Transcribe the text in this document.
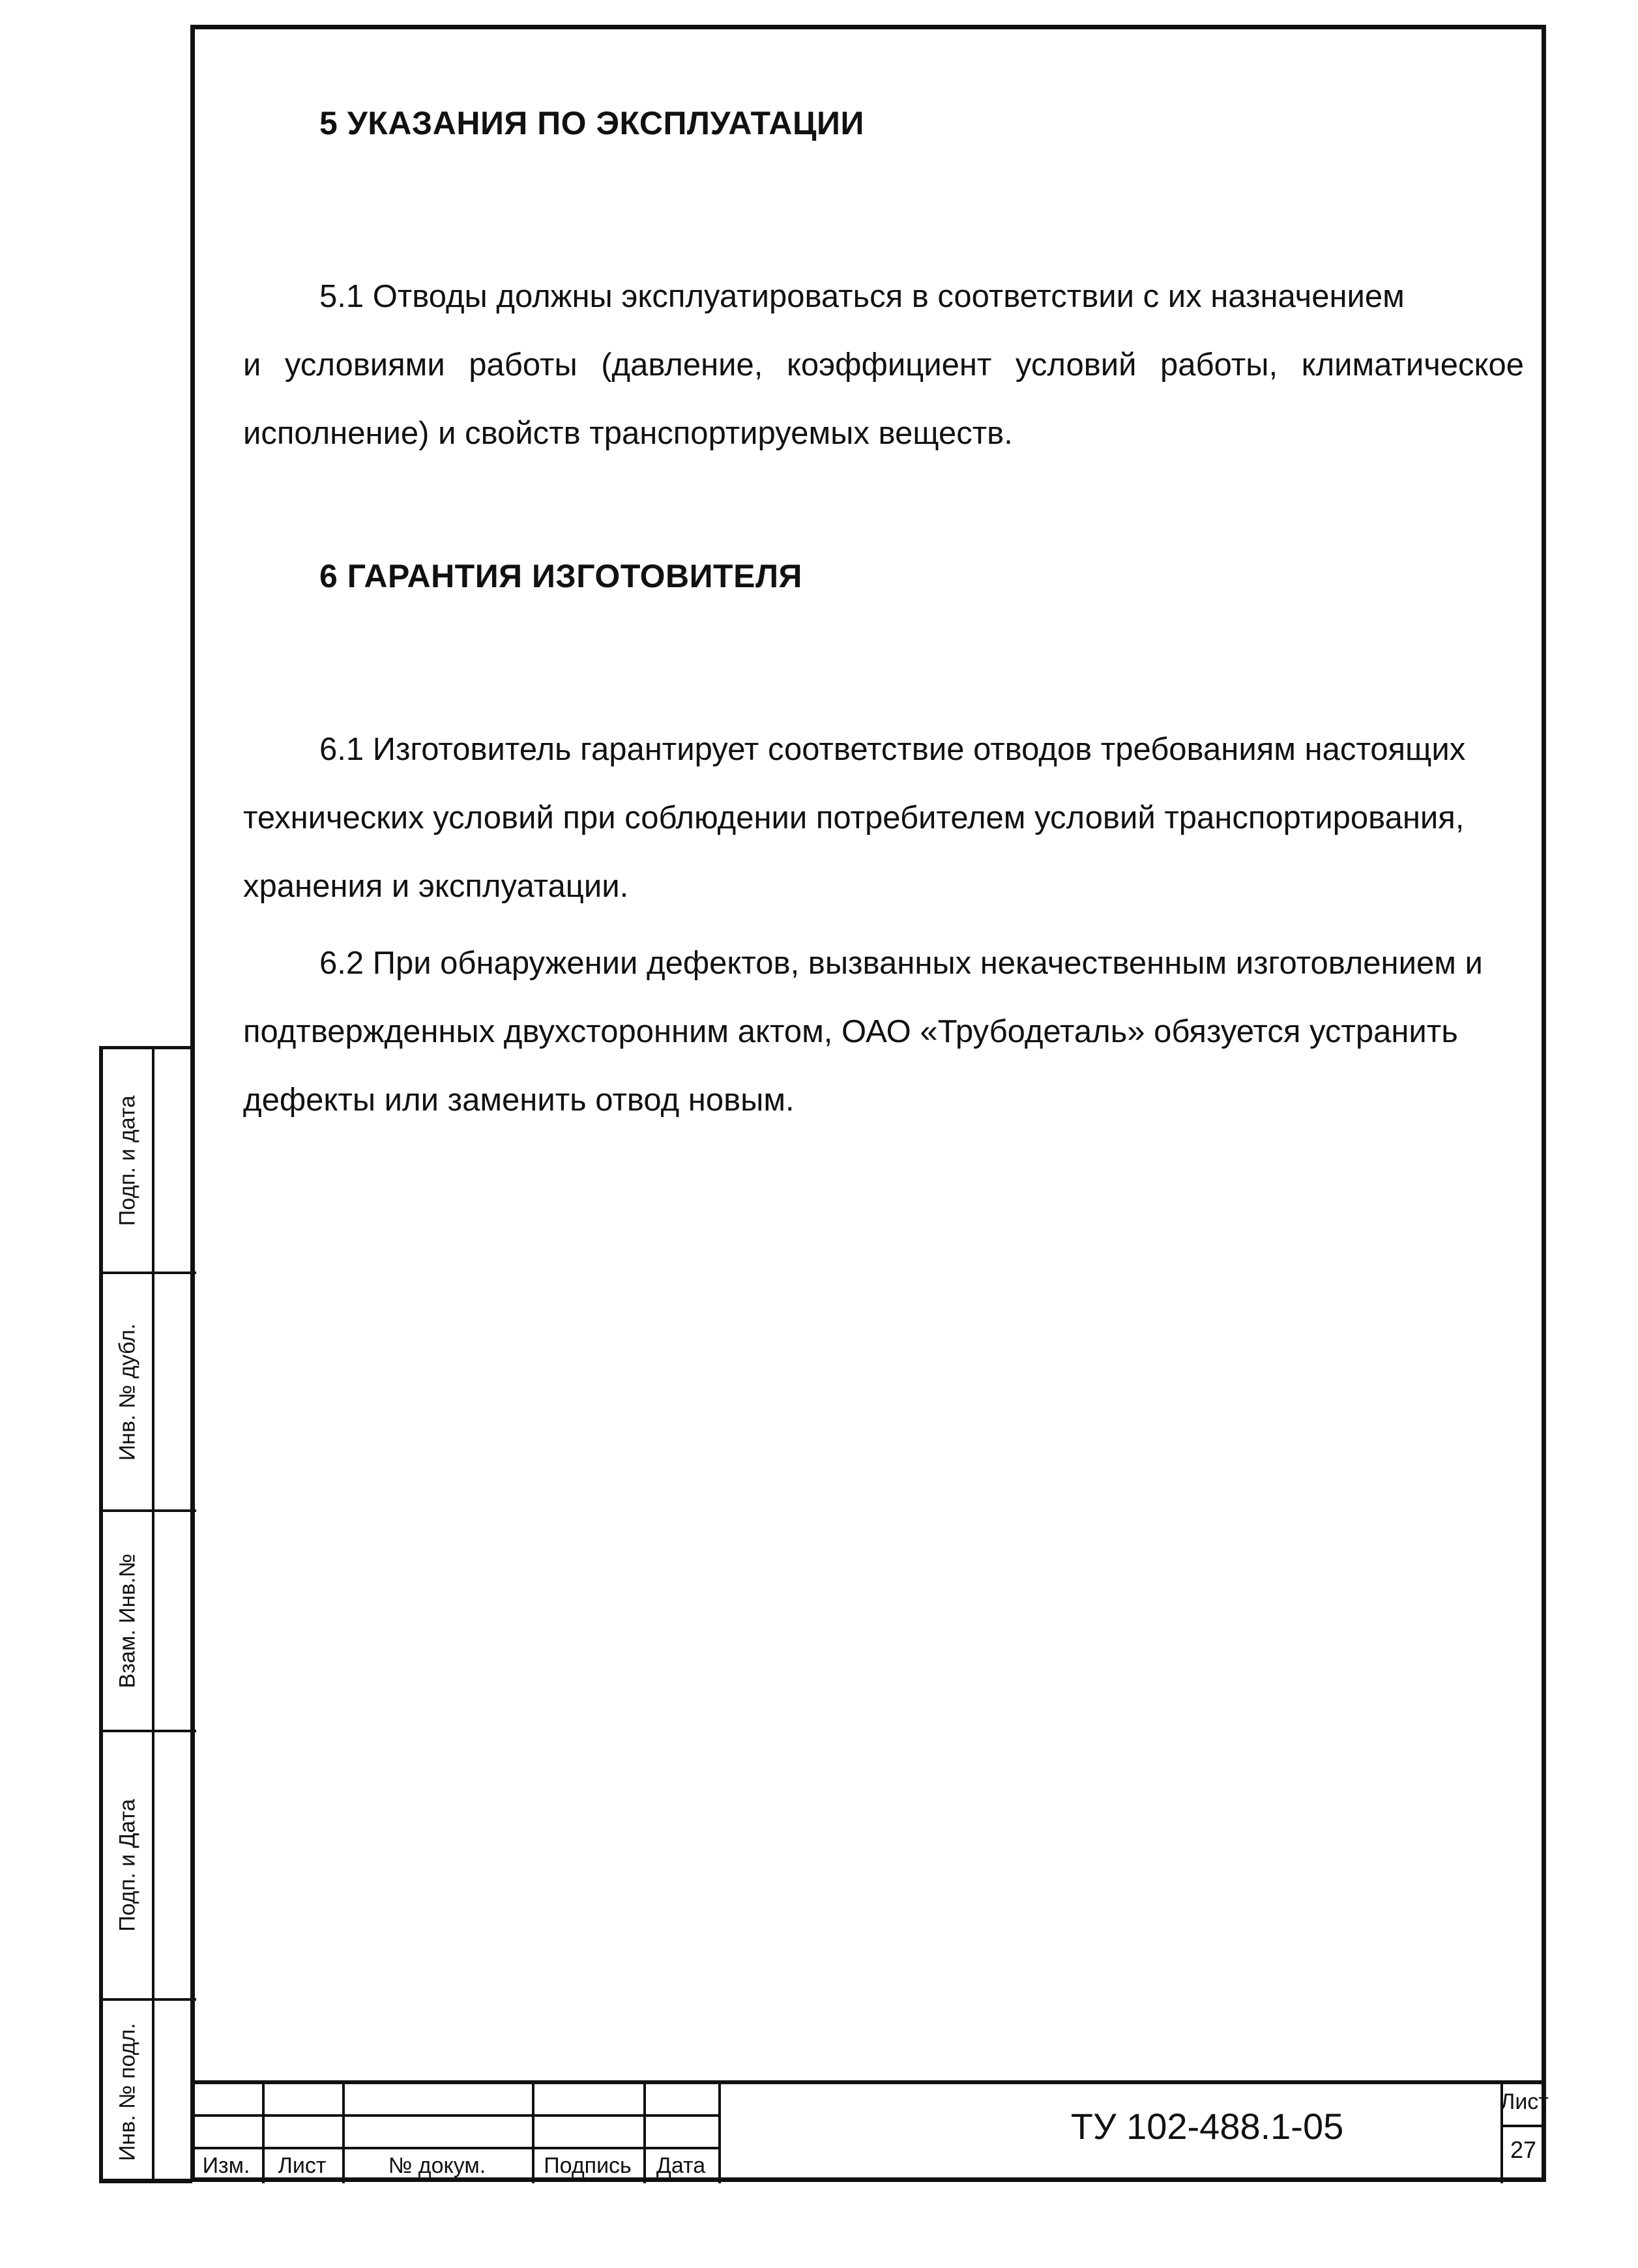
5 УКАЗАНИЯ ПО ЭКСПЛУАТАЦИИ
5.1 Отводы должны эксплуатироваться в соответствии с их назначением
и условиями работы (давление, коэффициент условий работы, климатическое
исполнение) и свойств транспортируемых веществ.
6 ГАРАНТИЯ ИЗГОТОВИТЕЛЯ
6.1 Изготовитель гарантирует соответствие отводов требованиям настоящих
технических условий при соблюдении потребителем условий транспортирования,
хранения и эксплуатации.
6.2 При обнаружении дефектов, вызванных некачественным изготовлением и
подтвержденных двухсторонним актом, ОАО «Трубодеталь» обязуется устранить
дефекты или заменить отвод новым.
Подп. и дата
Инв. № дубл.
Взам. Инв.№
Подп. и Дата
Инв. № подл.
Изм.	Лист	№ докум.	Подпись	Дата
ТУ 102-488.1-05
Лист
27
